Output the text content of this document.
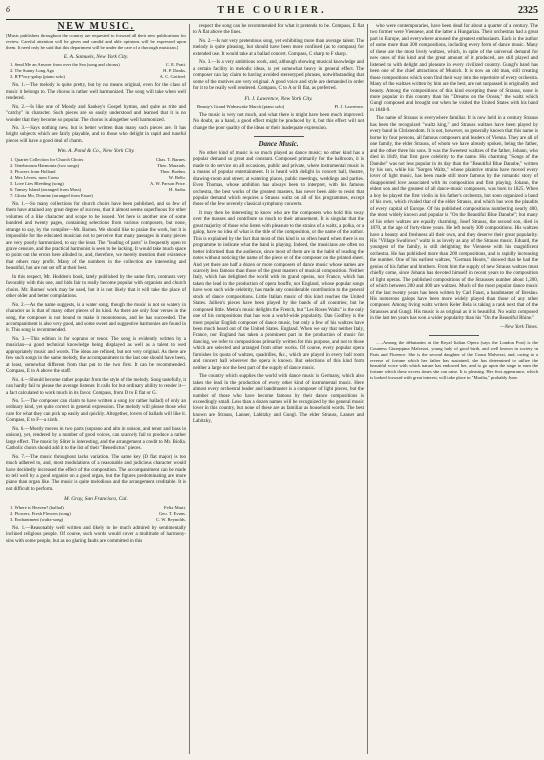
6	THE COURIER.	2325
NEW MUSIC.

[Music publishers throughout the country are requested to forward all their new publications for review. Careful attention will be given and candid and able opinions will be expressed upon them. It need only be said that this department will be under the care of a thorough musician.]

E. A. Samuels, New York City.
1. Send Me an Answer from over the Sea (song and chorus)	C. E. Pratt.
2. The Sunny Long Ago	H. P. Danks.
3. R'F*ncy-galop (piano solo)	A. C. Gotfred.

No. 1.—The melody is quite pretty, but by no means original, even for the class of music it belongs to. The chorus is rather well harmonized. The song will take when well rendered.

No. 2.—Is like one of Moody and Sankey's Gospel hymns, and quite as trite and "catchy" in character. Such pieces are so easily understood and learned that it is no wonder that they become so popular. The chorus is altogether well harmonized.

No. 3.—Says nothing new, but is better written than many such pieces are. It has bright subjects which are fairly playable, and to those who delight in rapid and tuneful pieces will have a good deal of charm.

Wm. A. Pond & Co., New York City.
1. Quartet Collection for Church Choirs	Chas. T. Barnes.
2. Tenebrorum Harmonia (two songs)	Theo. Marzials.
3. Flowers from Holland	Theo. Boehm.
4. Mes Lèvres, mon Coeur	W. Bello.
5. Love Lies Bleeding (song)	A. W. Parson Price.
6. Tansey Island (arranged from Mass)	H. Sadia.
7. Gloria Mo, Domine (arranged from Faure)

No. 1.—So many collections for church choirs have been published, and so few of them have attained any great degree of success, that it almost seems superfluous for other volumes of a like character and scope to be issued. Yet here is another one of some hundred and twenty pages, containing selections from various composers, but none, strange to say, by the compiler—Mr. Barnes. We should like to praise the work, but it is impossible for the educated musician not to perceive that many passages in many pieces are very poorly harmonized, to say the least. The "leading of parts" is frequently open to grave censure, and the practical harmonist is seen to be lacking. It would take much space to point out the errors here alluded to, and, therefore, we merely mention their existence that others may profit. Many of the numbers in the collection are interesting and beautiful, but are not set off at their best.

In this respect, Mr. Hodden's book, lately published by the same firm, contrasts very favorably with this one, and bids fair to really become popular with organists and church choirs. Mr. Barnes' work may be used, but it is not likely that it will take the place of other older and better compilations.

No. 2.—As the name suggests, is a water song, though the music is not so watery in character as is that of many other pieces of its kind. As there are only four verses in the song, the composer is not bound to make it monotonous, and he has succeeded. The accompaniment is also very good, and some sweet and suggestive harmonies are found in it. This song is recommended.

No. 3.—This edition is for soprano or tenor. The song is evidently written by a musician—a good technical knowledge being displayed as well as a talent to wed appropriately music and words. The ideas are refined, but not very original. As there are few such songs in the same melody, the accompaniment to the last one should have been, at least, somewhat different from that put to the two first. It can be recommended. Compass, E to A above the staff.

No. 4.—Should become rather popular from the style of the melody. Song tastefully, it can hardly fail to please the average listener. It calls for but ordinary ability to render it—a fact calculated to work much in its favor. Compass, from D to E flat or G.

No. 5.—The composer can claim to have written a song (or rather ballad) of only an ordinary kind, yet quite correct in general expression. The melody will please those who care for what they can pick up easily and quickly. Altogether, lovers of ballads will like it. Compass, E to F—a sixth.

No. 6.—Mostly moves in two parts (soprano and alto in unison, and tenor and bass in unison), yet, rendered by a number of good voices, can scarcely fail to produce a rather large effect. The music by Sliter is interesting, and the arrangement a credit to Mr. Biolla. Catholic choirs should add it to the list of their "Benedictus" pieces.

No. 7.—The music throughout lacks variation. The same key (D flat major) is too much adhered to, and, most modulations of a reasonable and judicious character would have decidedly increased the effect of the composition. The accompaniment can be made to tell well by a good organist on a good organ, but the figures predominating are more piano than organ like. The music is quite melodious and the arrangement creditable. It is not difficult to perform.

M. Gray, San Francisco, Cal.
1. Where is Heaven? (ballad)	Felix Marti.
2. Flowers, Fresh Flowers (song)	Geo. T. Evans.
3. Enchantment (waltz-song)	C. W. Reynolds.

No. 1.—Reasonably well written and likely to be much admired by sentimentally inclined religious people. Of course, such words would cover a multitude of harmony-sins with some people, but as no glaring faults are committed in this

respect the song can be recommended for what it pretends to be. Compass, E flat to A flat above the lines.

No. 2.—Is not very pretentious song, yet exhibiting more than average talent. The melody is quite pleasing, but should have been more confined (as to compass) for extended use. It would take at a ballad concert. Compass, C sharp to F sharp.

No. 3.—Is a very ambitious work, and, although showing musical knowledge and a certain facility in melodic ideas, is yet somewhat heavy in general effect. The composer can lay claim to having avoided stereotyped phrases, notwithstanding that some of the motives are very original. A good voice and style are demanded in order for it to be really well rendered. Compass, C to A or B flat, as preferred.

Fl. J. Lawrence, New York City.
Beauty's Grand Wideawake March (piano solo)	Fl. J. Lawrence.

The music is very not much, and what there is might have been much improved. No doubt, as a band, a good effect might be produced by it, but this effect will not change the poor quality of the ideas or their inadequate expression.

Dance Music.

No other kind of music is so much played as dance music; no other kind has a popular demand so great and constant. Composed primarily for the ballroom, it is made to do service on all occasions, public and private, where instrumental music is a means of popular entertainment. It is heard with delight in concert hall, theatre, drawing-room and street; at watering places, public meetings, weddings and parties. Even Thomas, whose ambition has always been to interpret, with his famous orchestra, the best works of the greatest masters, has never been able to resist that popular demand which requires a Strauss waltz on all of his programmes, except those of the few severely classical symphony concerts.

It may then be interesting to know who are the composers who hold this sway over the masses and contribute so much to their amusement. It is singular that the great majority of those who listen with pleasure to the strains of a waltz, a polka, or a galop, have no idea of what is the title of the composition, or the name of the author. This is explained by the fact that most of this kind is so often heard when there is no programme to indicate what the band is playing. Indeed, the musicians are often no better informed than the audience, since most of them are in the habit of reading the notes without noticing the name of the piece or of the composer on the printed sheet. And yet there are half a dozen or more composers of dance music whose names are scarcely less famous than those of the great masters of musical composition. Neither Italy, which has delighted the world with its grand operas, nor France, which has taken the lead in the production of opera bouffe, nor England, whose popular songs have won such wide celebrity, has made any considerable contribution to the general stock of dance compositions. Little Italian music of this kind reaches the United States. Jullien's pieces have been played by the bands of all countries; but he composed little. Metra's music delights the French, but "Les Roses Waltz" is the only one of his compositions that has won a world-wide popularity. Dan Godfrey is the most popular English composer of dance music, but only a few of his waltzes have been much heard out of the United States. England. When we say that neither Italy, France, nor England has taken a prominent part in the production of music for dancing, we refer to compositions primarily written for this purpose, and not to those which are selected and arranged from other works. Of course, every popular opera furnishes its quota of waltzes, quadrilles, &c., which are played in every ball room and concert hall wherever the opera is known. But selections of this kind form neither a large nor the best part of the supply of dance music.

The country which supplies the world with dance music is Germany, which also takes the lead in the production of every other kind of instrumental music. Here almost every orchestral leader and bandmaster is a composer of light pieces, but the number of those who have become famous by their dance compositions is exceedingly small. Less than a dozen names will be recognized by the general music lover in this country, but none of these are as familiar as household words. The best known are Strauss, Lanner, Labitzky and Gungl. The elder Strauss, Lanner and Labitzky,

who were contemporaries, have been dead for about a quarter of a century. The two former were Viennese, and the latter a Hungarian. Their orchestras had a great part in Europe, and everywhere aroused the greatest enthusiasm. Each is the author of some more than 300 compositions, including every form of dance music. Many of these are the most lively waltzes, which, in spite of the universal demand for new ones of this kind and the great amount of it produced, are still played and listened to with delight and pleasure in every civilized country. Gungl's band has been one of the chief attractions of Munich. It is now an old man, still creating those compositions which soon find their way into the repertoire of every orchestra. Many of the waltzes written by him are the best, are not surpassed in originality and beauty. Among the compositions of this kind excepting those of Strauss, none is more popular in this country than his "Dreams on the Ocean," the waltz which Gungl composed and brought out when he visited the United States with his band in 1848-9.

The name of Strauss is everywhere familiar. It is now held in a century Strauss has been the recognized "waltz king," and Strauss waltzes have been played by every band in Christendom. It is not, however, so generally known that this name is borne by four persons, all famous composers and leaders of Vienna. They are all of one family, the elder Strauss, of whom we have already spoken, being the father, and the other three his sons. It was the Sweetest waltzes of the father, Johann, who died in 1849, that first gave celebrity to the name. His charming "Songs of the Danube" was not less popular in its day than the "Beautiful Blue Danube," written by his son, while his "Sorgen Waltz," whose plaintive strains have moved every lover of light music, has been made still more famous by the romantic story of disappointed love associated with its composition and first playing. Johann, the eldest son and the greatest of all dance-music composers, was born in 1825. When a boy he played the first violin in his father's orchestra, but soon organized a band of his own, which rivaled that of the elder Strauss, and which has won the plaudits of every capital of Europe. Of his published compositions numbering nearly 400, the most widely known and popular is "On the Beautiful Blue Danube"; but many of his other waltzes are equally charming. Josef Strauss, the second son, died in 1870, at the age of forty-three years. He left nearly 300 compositions. His waltzes have a beauty and freshness all their own, and they deserve their great popularity. His "Village Swallows" waltz is as lovely as any of the Strauss music. Eduard, the youngest of the family, is still delighting the Viennese with his magnificent orchestra. He has published more than 200 compositions, and is rapidly increasing the number. One of his earliest waltzes, "German Hearts," showed that he had the genius of his father and brothers. From him the supply of new Strauss waltzes must chiefly come, since Johann has devoted himself in recent years to the composition of light operas. The published compositions of the Strausses number about 1,200, of which between 200 and 400 are waltzes. Much of the most popular dance music of the last twenty years has been written by Carl Faust, a bandmaster of Breslau. His numerous galops have been more widely played than those of any other composer. Among living waltz writers Keler Bela is taking a rank next that of the Strausses and Gungl. His music is as original as it is beautiful. No waltz composed in the last ten years has won a wider popularity than his "On the Beautiful Rhine."

—New York Times.

......Among the débutantes at the Royal Italian Opera (says the London Post) is the Countess Giuseppina Malvezzi, young lady of good birth, and well known in society in Paris and Florence. She is the second daughter of the Count Malvezzi, and, owing to a reverse of fortune which her father has sustained, she has determined to utilize the beautiful voice with which nature has endowed her, and to go upon the stage to earn the fortune which these excess times she can raise. It is pleasing. Her first appearance, which is looked forward with great interest, will take place in "Martha," probably June.
